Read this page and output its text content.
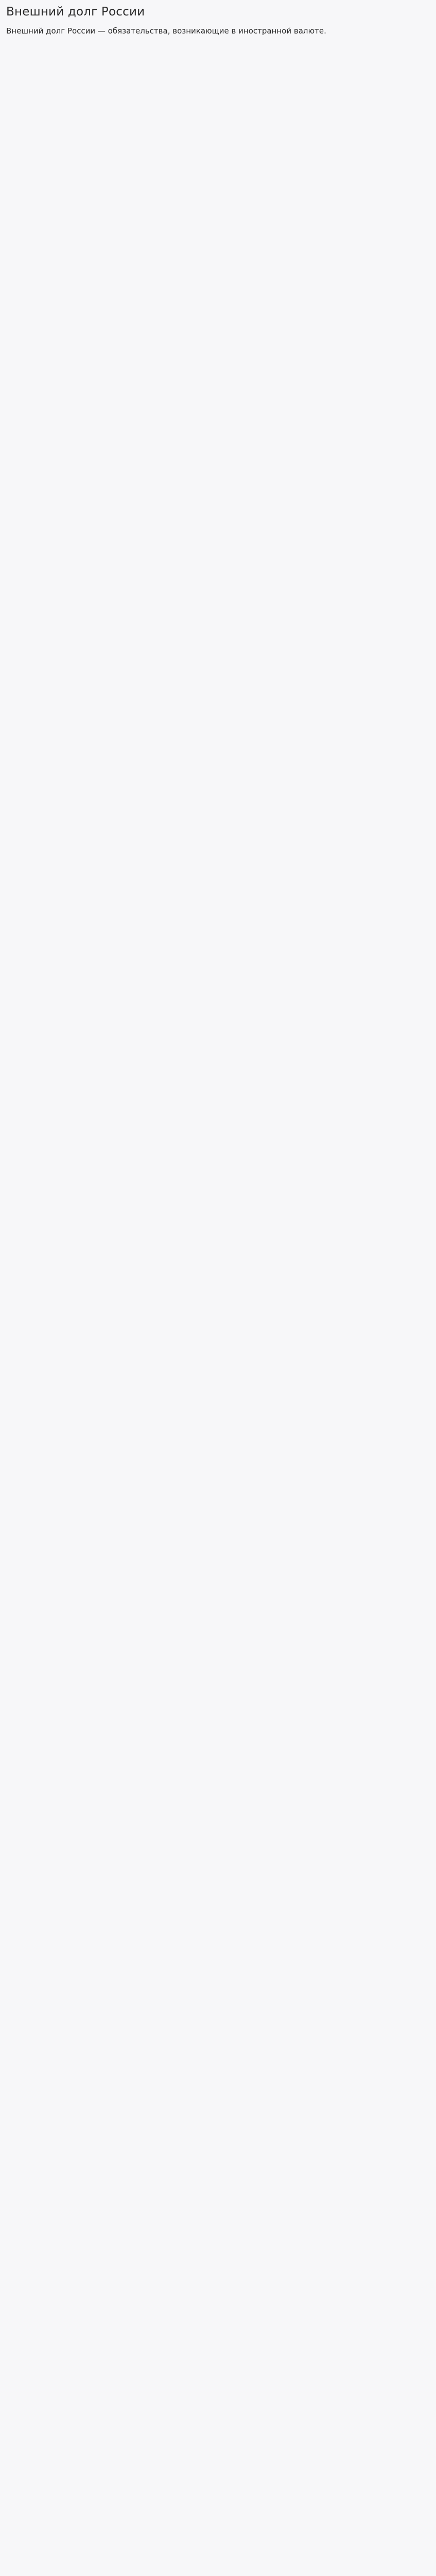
Внешний долг России

Внешний долг России — обязательства, возникающие в иностранной валюте.
